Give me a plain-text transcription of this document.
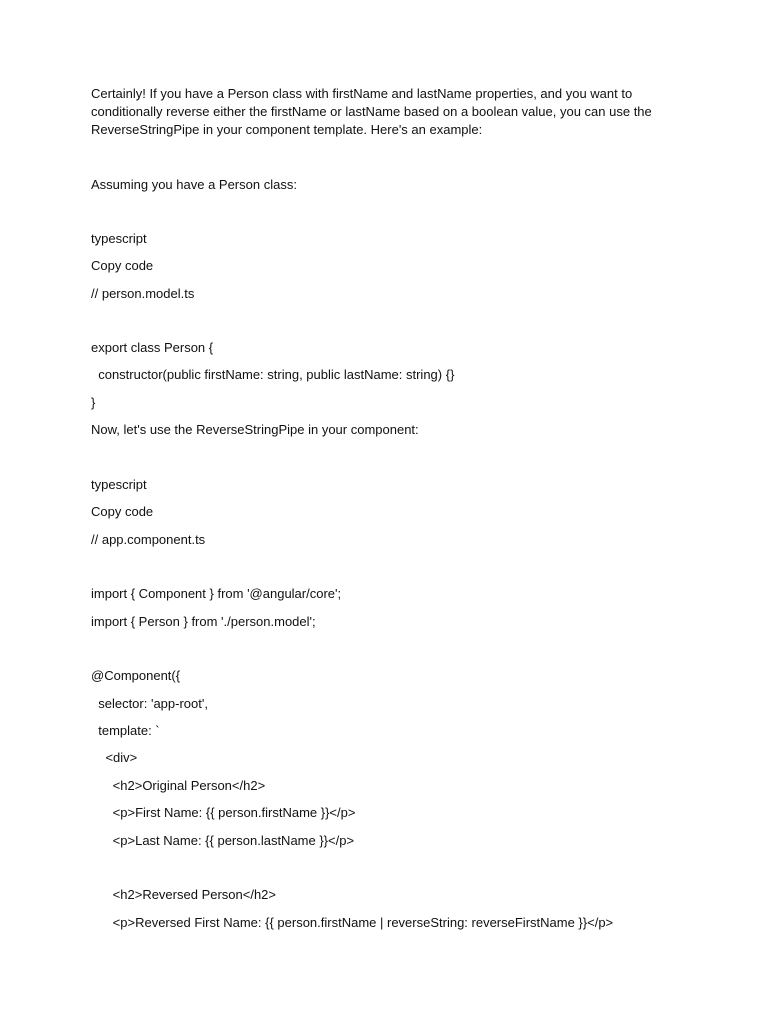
Certainly! If you have a Person class with firstName and lastName properties, and you want to

conditionally reverse either the firstName or lastName based on a boolean value, you can use the

ReverseStringPipe in your component template. Here's an example:

Assuming you have a Person class:

typescript

Copy code

// person.model.ts

export class Person {

constructor(public firstName: string, public lastName: string) {}

}

Now, let's use the ReverseStringPipe in your component:

typescript

Copy code

// app.component.ts

import { Component } from '@angular/core';

import { Person } from './person.model';

@Component({

selector: 'app-root',

template: `

<div>

<h2>Original Person</h2>

<p>First Name: {{ person.firstName }}</p>

<p>Last Name: {{ person.lastName }}</p>

<h2>Reversed Person</h2>

<p>Reversed First Name: {{ person.firstName | reverseString: reverseFirstName }}</p>
